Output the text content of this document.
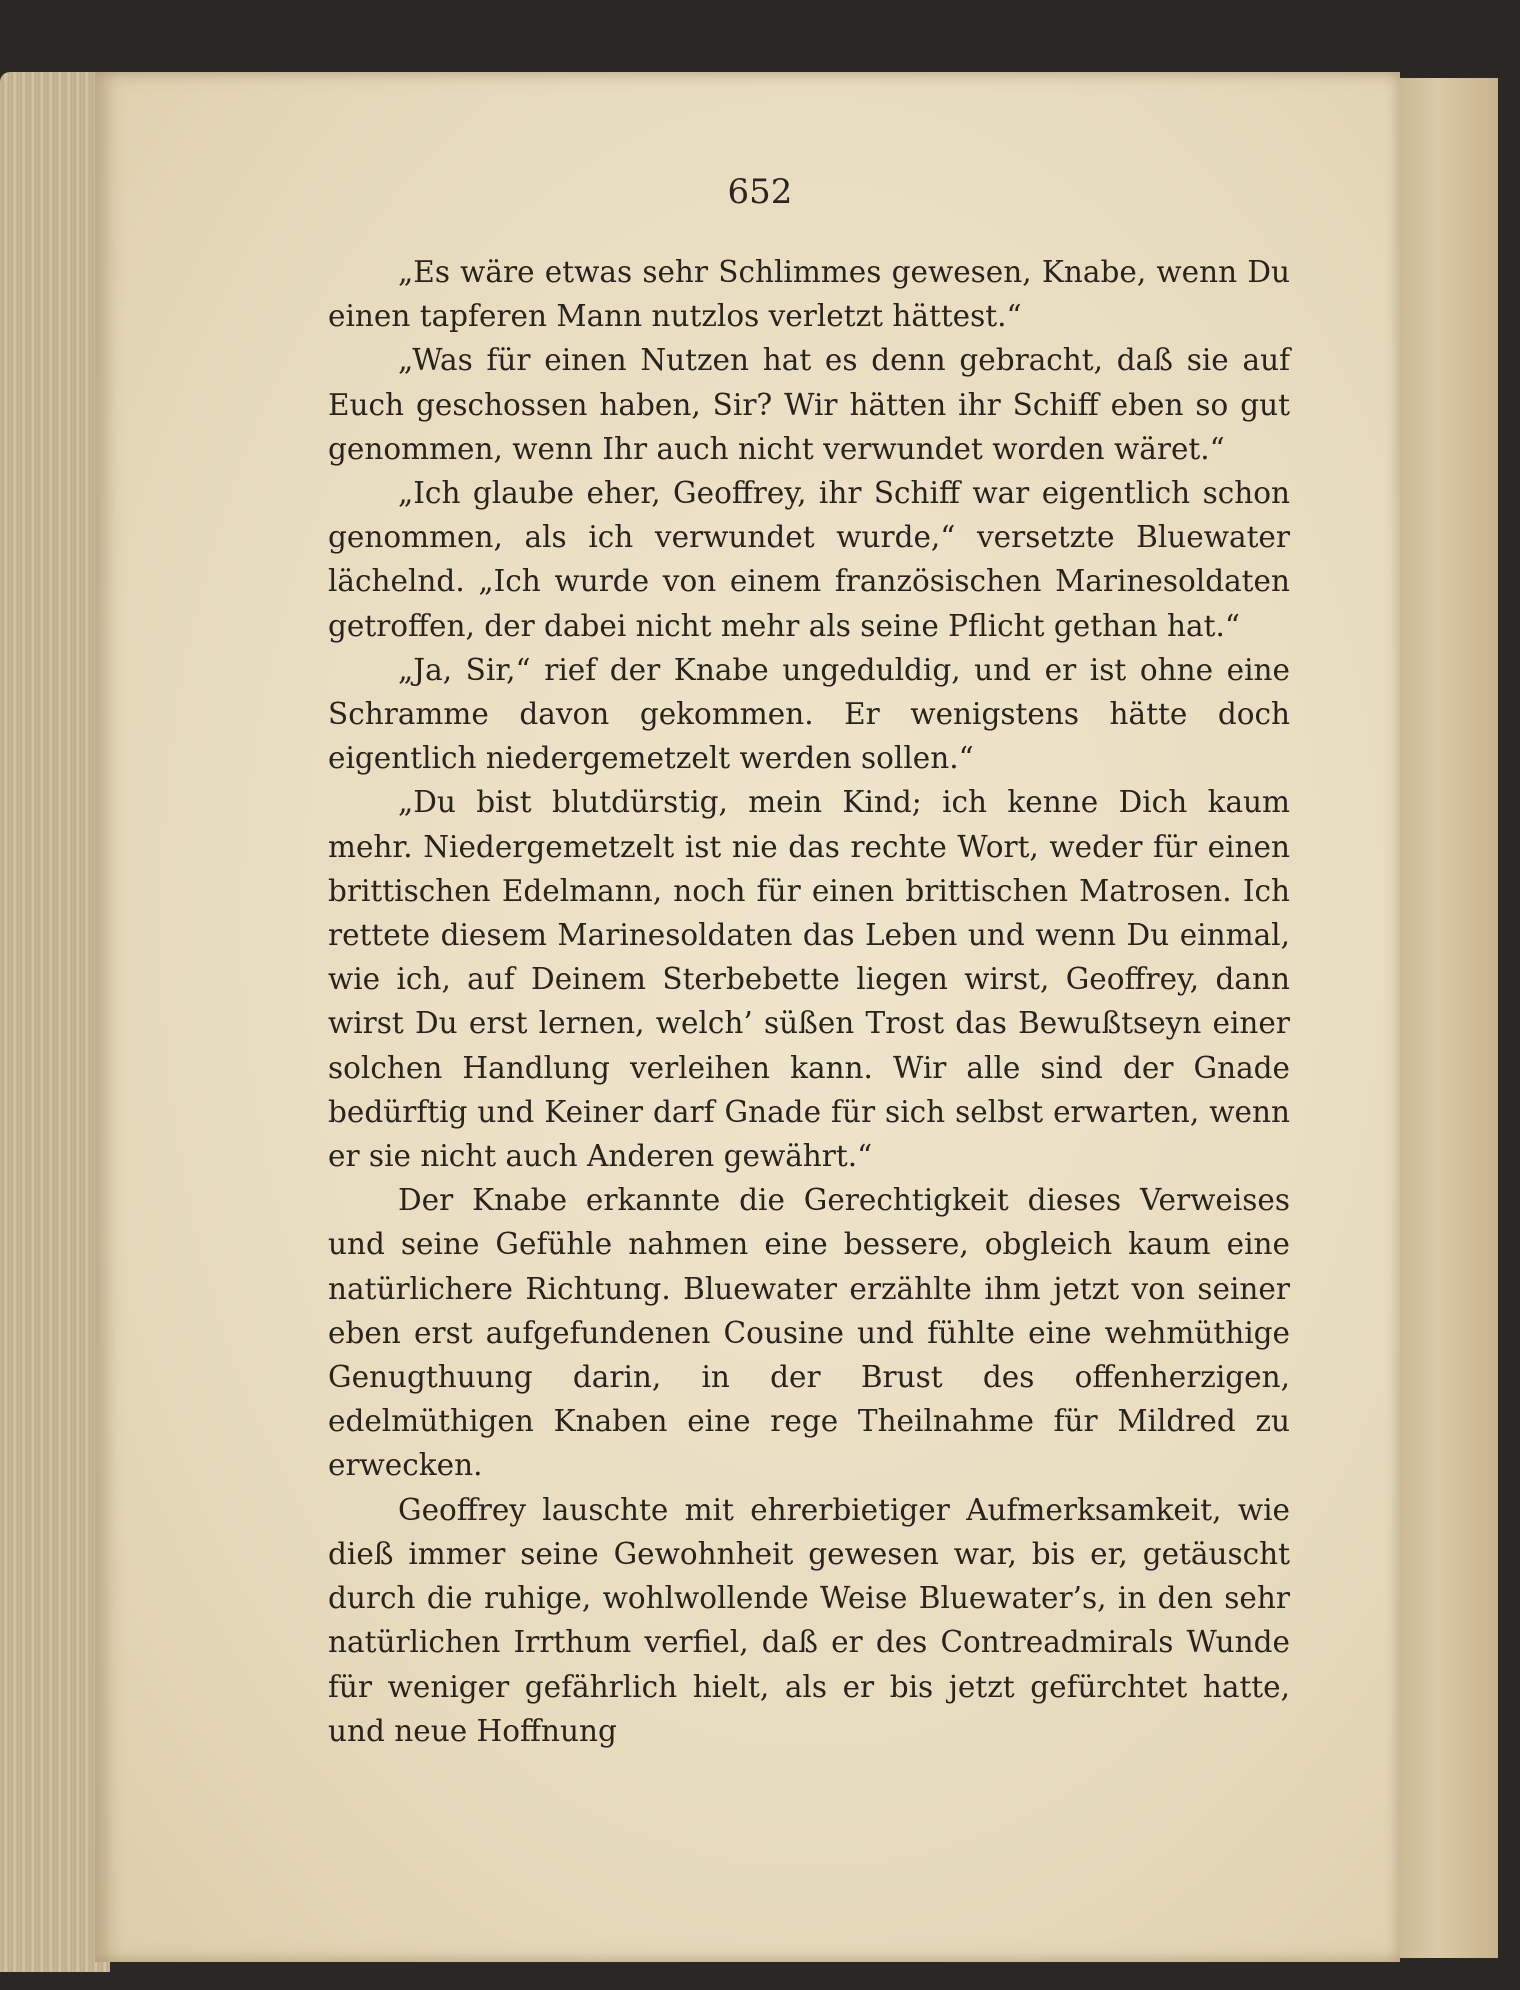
652

„Es wäre etwas sehr Schlimmes gewesen, Knabe, wenn Du einen tapferen Mann nutzlos verletzt hättest.“

„Was für einen Nutzen hat es denn gebracht, daß sie auf Euch geschossen haben, Sir? Wir hätten ihr Schiff eben so gut genommen, wenn Ihr auch nicht verwundet worden wäret.“

„Ich glaube eher, Geoffrey, ihr Schiff war eigentlich schon genommen, als ich verwundet wurde,“ versetzte Bluewater lächelnd. „Ich wurde von einem französischen Marinesoldaten getroffen, der dabei nicht mehr als seine Pflicht gethan hat.“

„Ja, Sir,“ rief der Knabe ungeduldig, und er ist ohne eine Schramme davon gekommen. Er wenigstens hätte doch eigentlich niedergemetzelt werden sollen.“

„Du bist blutdürstig, mein Kind; ich kenne Dich kaum mehr. Niedergemetzelt ist nie das rechte Wort, weder für einen brittischen Edelmann, noch für einen brittischen Matrosen. Ich rettete diesem Marinesoldaten das Leben und wenn Du einmal, wie ich, auf Deinem Sterbebette liegen wirst, Geoffrey, dann wirst Du erst lernen, welch’ süßen Trost das Bewußtseyn einer solchen Handlung verleihen kann. Wir alle sind der Gnade bedürftig und Keiner darf Gnade für sich selbst erwarten, wenn er sie nicht auch Anderen gewährt.“

Der Knabe erkannte die Gerechtigkeit dieses Verweises und seine Gefühle nahmen eine bessere, obgleich kaum eine natürlichere Richtung. Bluewater erzählte ihm jetzt von seiner eben erst aufgefundenen Cousine und fühlte eine wehmüthige Genugthuung darin, in der Brust des offenherzigen, edelmüthigen Knaben eine rege Theilnahme für Mildred zu erwecken.

Geoffrey lauschte mit ehrerbietiger Aufmerksamkeit, wie dieß immer seine Gewohnheit gewesen war, bis er, getäuscht durch die ruhige, wohlwollende Weise Bluewater’s, in den sehr natürlichen Irrthum verfiel, daß er des Contreadmirals Wunde für weniger gefährlich hielt, als er bis jetzt gefürchtet hatte, und neue Hoffnung
